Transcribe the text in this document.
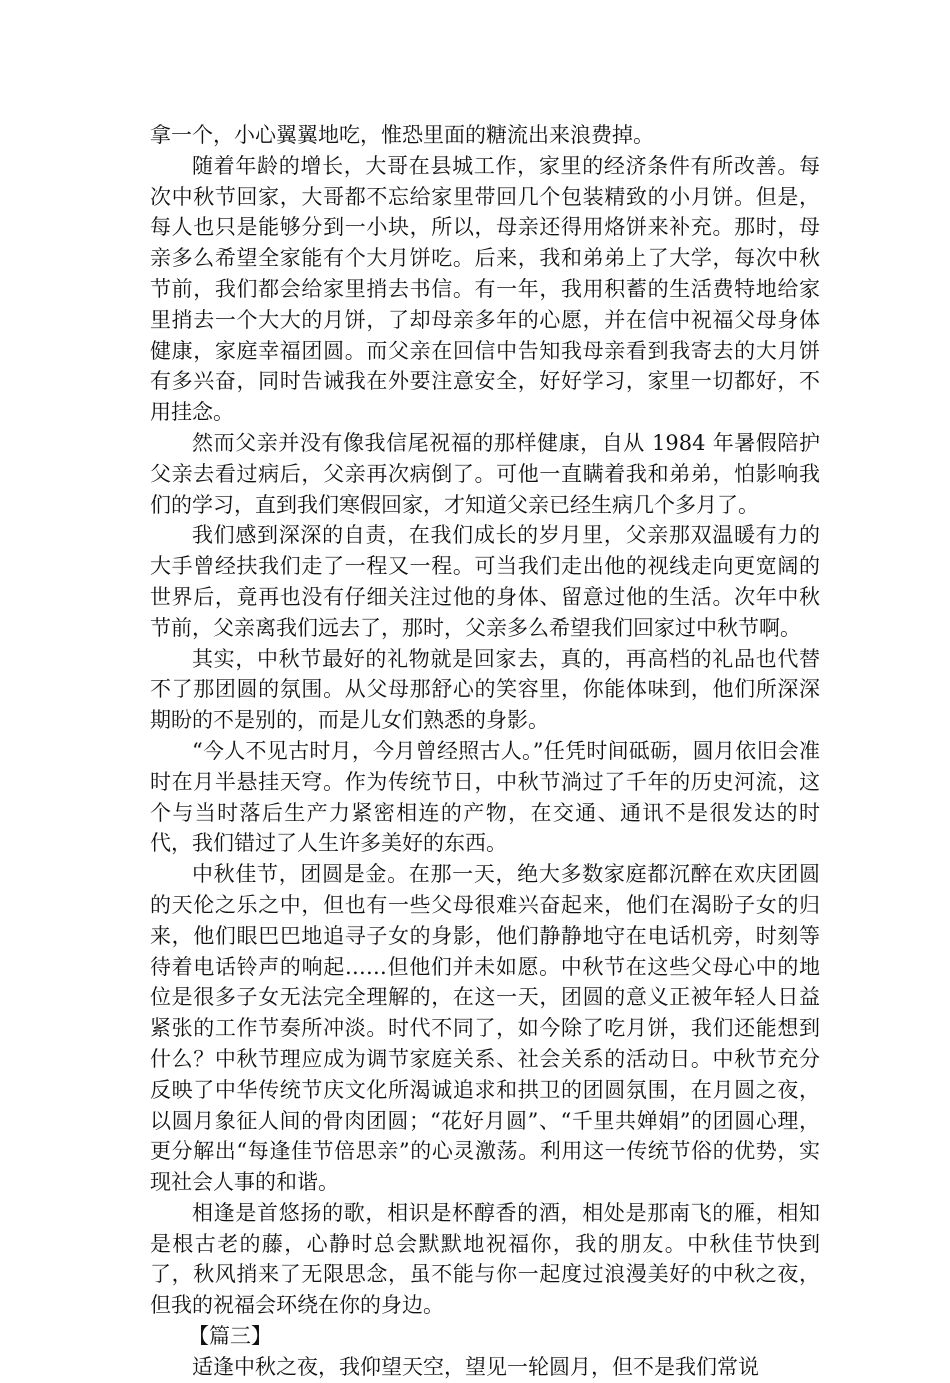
拿一个，小心翼翼地吃，惟恐里面的糖流出来浪费掉。

随着年龄的增长，大哥在县城工作，家里的经济条件有所改善。每次中秋节回家，大哥都不忘给家里带回几个包装精致的小月饼。但是，每人也只是能够分到一小块，所以，母亲还得用烙饼来补充。那时，母亲多么希望全家能有个大月饼吃。后来，我和弟弟上了大学，每次中秋节前，我们都会给家里捎去书信。有一年，我用积蓄的生活费特地给家里捎去一个大大的月饼，了却母亲多年的心愿，并在信中祝福父母身体健康，家庭幸福团圆。而父亲在回信中告知我母亲看到我寄去的大月饼有多兴奋，同时告诫我在外要注意安全，好好学习，家里一切都好，不用挂念。

然而父亲并没有像我信尾祝福的那样健康，自从 1984 年暑假陪护父亲去看过病后，父亲再次病倒了。可他一直瞒着我和弟弟，怕影响我们的学习，直到我们寒假回家，才知道父亲已经生病几个多月了。

我们感到深深的自责，在我们成长的岁月里，父亲那双温暖有力的大手曾经扶我们走了一程又一程。可当我们走出他的视线走向更宽阔的世界后，竟再也没有仔细关注过他的身体、留意过他的生活。次年中秋节前，父亲离我们远去了，那时，父亲多么希望我们回家过中秋节啊。

其实，中秋节最好的礼物就是回家去，真的，再高档的礼品也代替不了那团圆的氛围。从父母那舒心的笑容里，你能体味到，他们所深深期盼的不是别的，而是儿女们熟悉的身影。

“今人不见古时月，今月曾经照古人。”任凭时间砥砺，圆月依旧会准时在月半悬挂天穹。作为传统节日，中秋节淌过了千年的历史河流，这个与当时落后生产力紧密相连的产物，在交通、通讯不是很发达的时代，我们错过了人生许多美好的东西。

中秋佳节，团圆是金。在那一天，绝大多数家庭都沉醉在欢庆团圆的天伦之乐之中，但也有一些父母很难兴奋起来，他们在渴盼子女的归来，他们眼巴巴地追寻子女的身影，他们静静地守在电话机旁，时刻等待着电话铃声的响起……但他们并未如愿。中秋节在这些父母心中的地位是很多子女无法完全理解的，在这一天，团圆的意义正被年轻人日益紧张的工作节奏所冲淡。时代不同了，如今除了吃月饼，我们还能想到什么？中秋节理应成为调节家庭关系、社会关系的活动日。中秋节充分反映了中华传统节庆文化所渴诚追求和拱卫的团圆氛围，在月圆之夜，以圆月象征人间的骨肉团圆；“花好月圆”、“千里共婵娟”的团圆心理，更分解出“每逢佳节倍思亲”的心灵激荡。利用这一传统节俗的优势，实现社会人事的和谐。

相逢是首悠扬的歌，相识是杯醇香的酒，相处是那南飞的雁，相知是根古老的藤，心静时总会默默地祝福你，我的朋友。中秋佳节快到了，秋风捎来了无限思念，虽不能与你一起度过浪漫美好的中秋之夜，但我的祝福会环绕在你的身边。

【篇三】

适逢中秋之夜，我仰望天空，望见一轮圆月，但不是我们常说
